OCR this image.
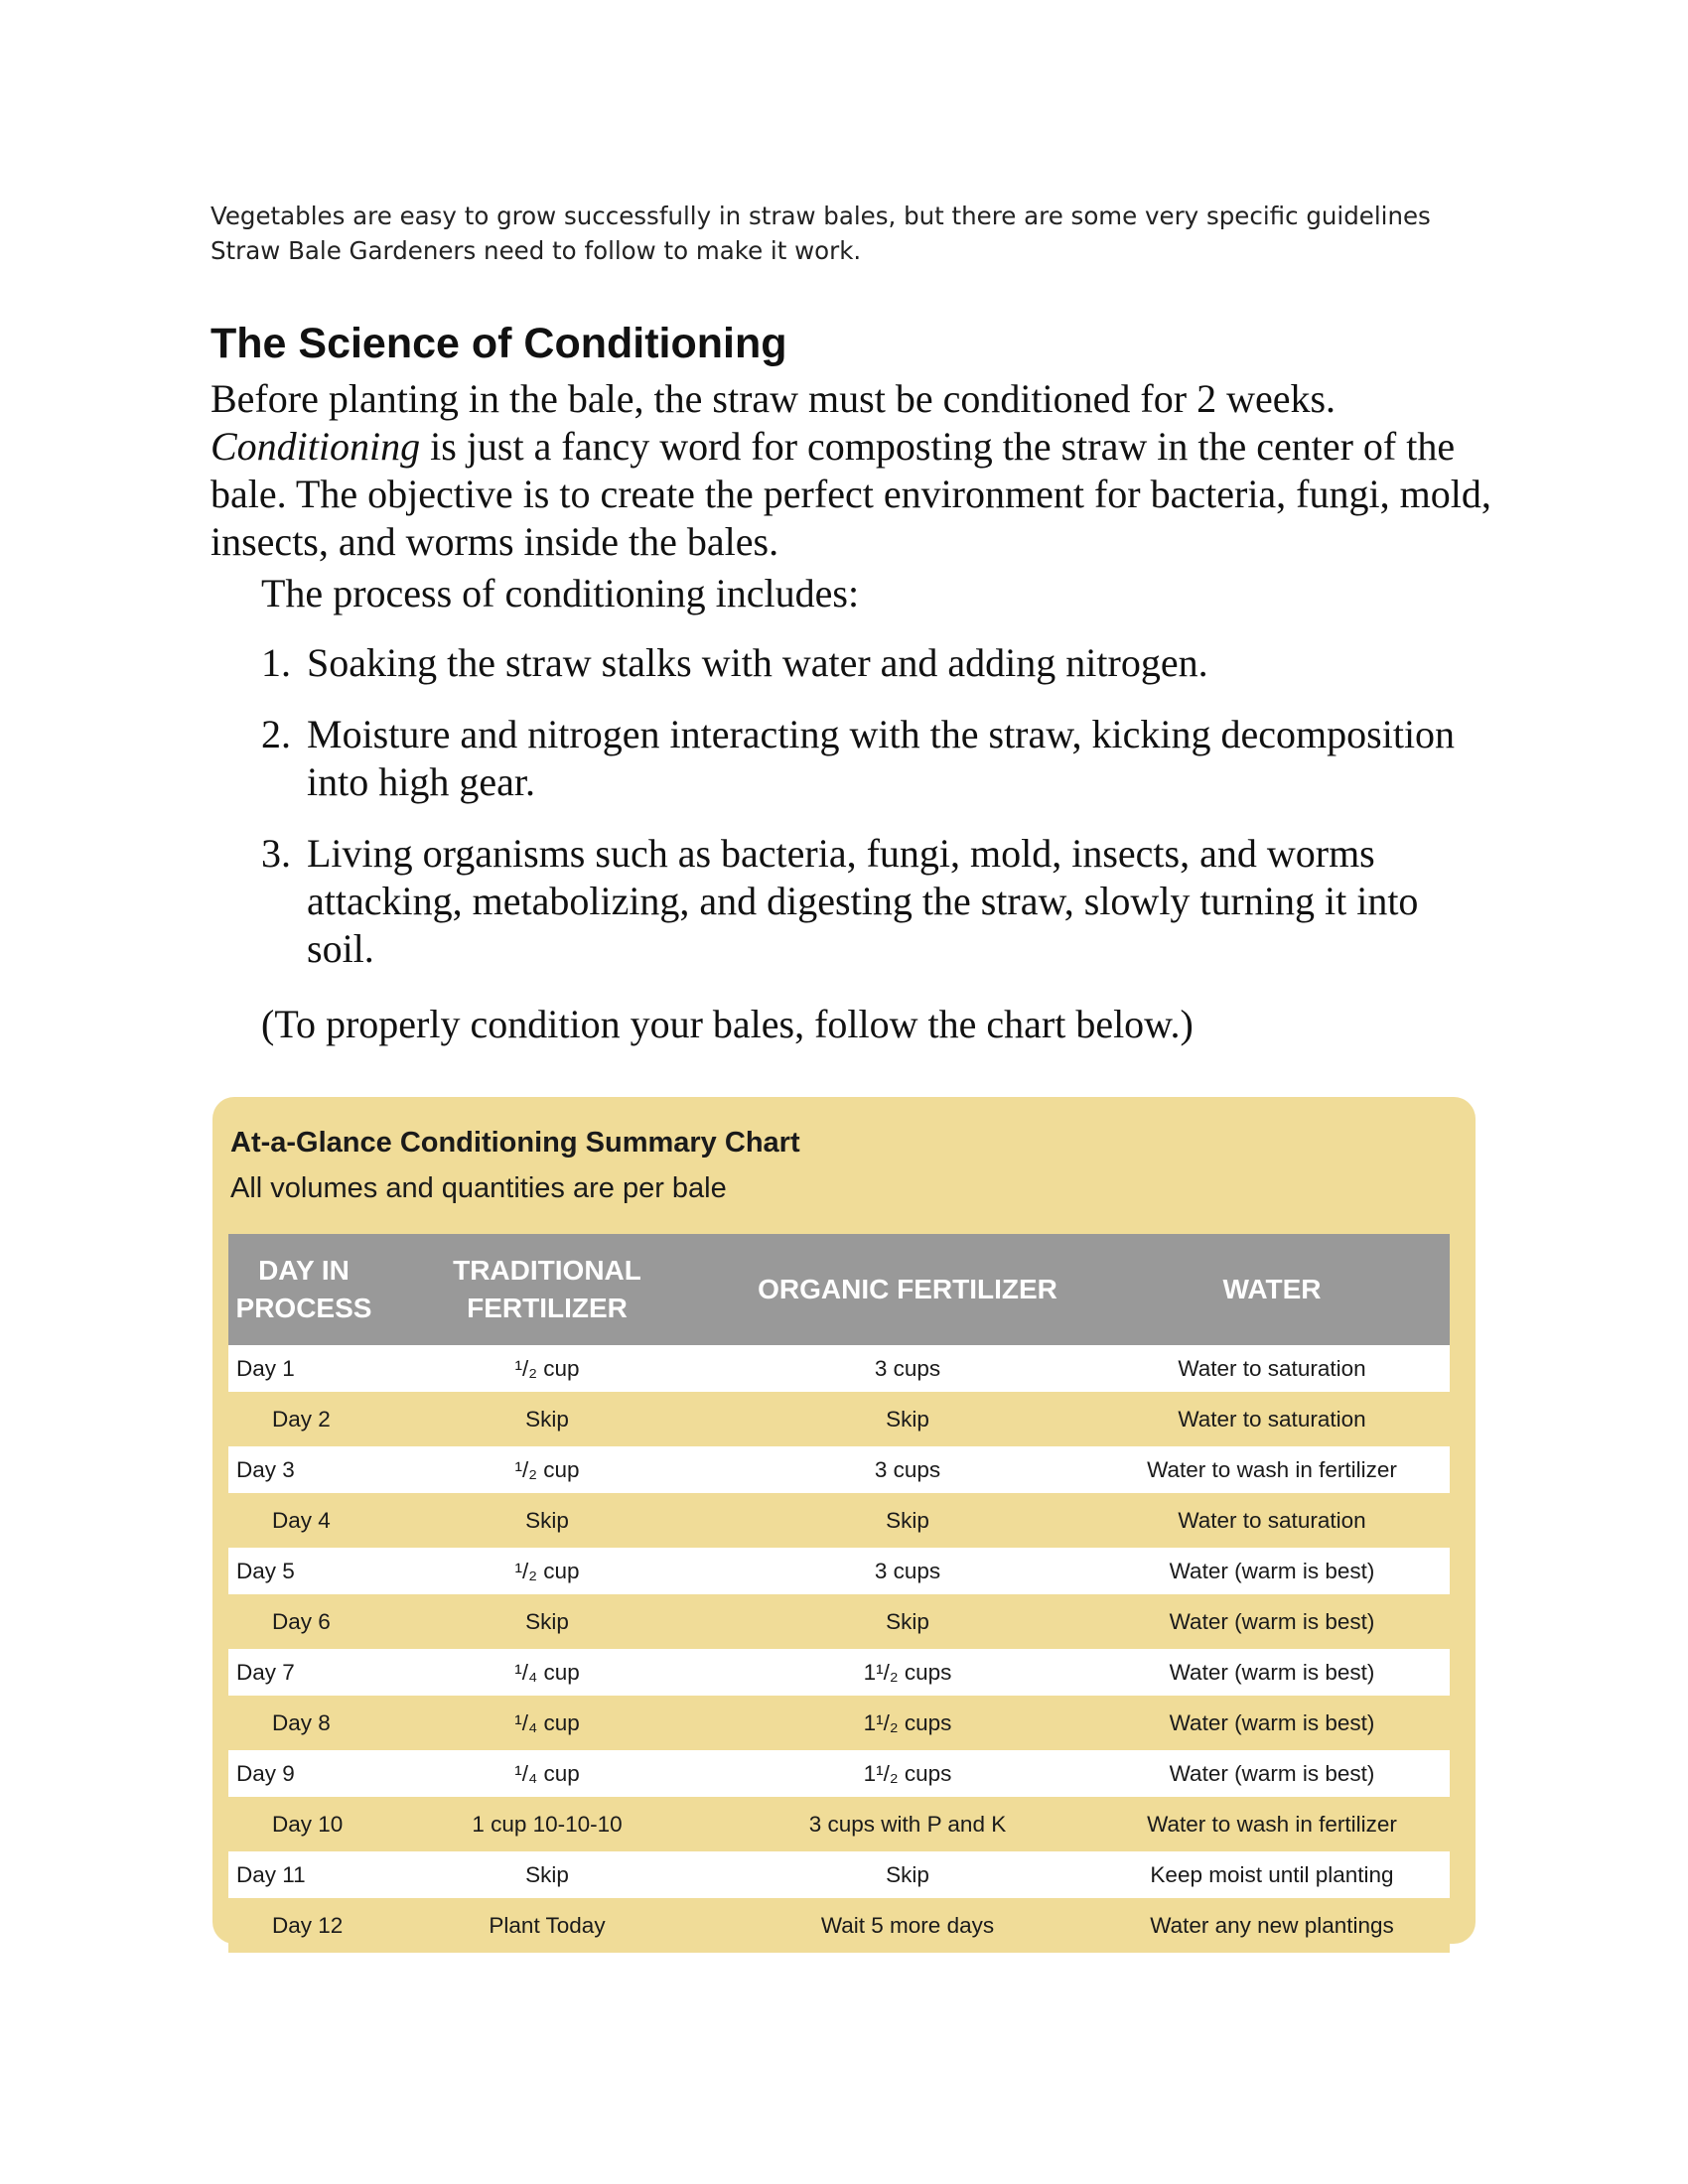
Vegetables are easy to grow successfully in straw bales, but there are some very specific guidelines
Straw Bale Gardeners need to follow to make it work.
The Science of Conditioning
Before planting in the bale, the straw must be conditioned for 2 weeks.
Conditioning is just a fancy word for composting the straw in the center of the bale. The objective is to create the perfect environment for bacteria, fungi, mold, insects, and worms inside the bales.
The process of conditioning includes:
1. Soaking the straw stalks with water and adding nitrogen.
2. Moisture and nitrogen interacting with the straw, kicking decomposition into high gear.
3. Living organisms such as bacteria, fungi, mold, insects, and worms attacking, metabolizing, and digesting the straw, slowly turning it into soil.
(To properly condition your bales, follow the chart below.)
At-a-Glance Conditioning Summary Chart
All volumes and quantities are per bale
DAY IN
PROCESS	TRADITIONAL FERTILIZER	ORGANIC FERTILIZER	WATER
Day 1	¹/₂ cup	3 cups	Water to saturation
Day 2	Skip	Skip	Water to saturation
Day 3	¹/₂ cup	3 cups	Water to wash in fertilizer
Day 4	Skip	Skip	Water to saturation
Day 5	¹/₂ cup	3 cups	Water (warm is best)
Day 6	Skip	Skip	Water (warm is best)
Day 7	¹/₄ cup	1¹/₂ cups	Water (warm is best)
Day 8	¹/₄ cup	1¹/₂ cups	Water (warm is best)
Day 9	¹/₄ cup	1¹/₂ cups	Water (warm is best)
Day 10	1 cup 10-10-10	3 cups with P and K	Water to wash in fertilizer
Day 11	Skip	Skip	Keep moist until planting
Day 12	Plant Today	Wait 5 more days	Water any new plantings
